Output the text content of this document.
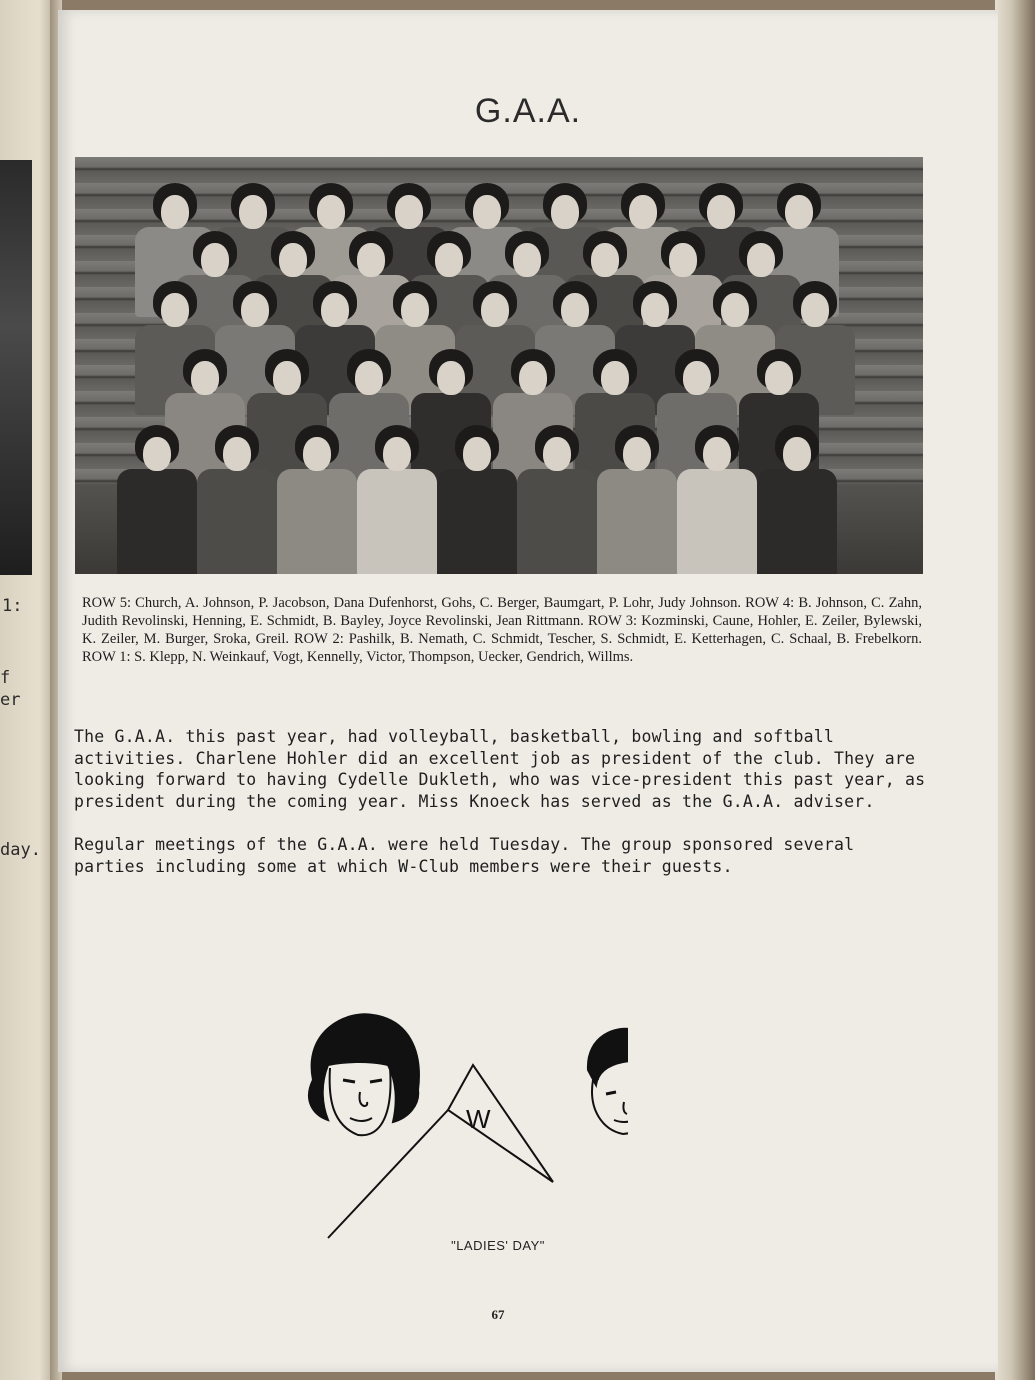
1:
f
er
day.
G.A.A.
ROW 5: Church, A. Johnson, P. Jacobson, Dana Dufenhorst, Gohs, C. Berger, Baumgart, P. Lohr, Judy Johnson. ROW 4: B. Johnson, C. Zahn, Judith Revolinski, Henning, E. Schmidt, B. Bayley, Joyce Revolinski, Jean Rittmann. ROW 3: Kozminski, Caune, Hohler, E. Zeiler, Bylewski, K. Zeiler, M. Burger, Sroka, Greil. ROW 2: Pashilk, B. Nemath, C. Schmidt, Tescher, S. Schmidt, E. Ketterhagen, C. Schaal, B. Frebelkorn. ROW 1: S. Klepp, N. Weinkauf, Vogt, Kennelly, Victor, Thompson, Uecker, Gendrich, Willms.
The G.A.A. this past year, had volleyball, basketball, bowling and softball activities. Charlene Hohler did an excellent job as president of the club. They are looking forward to having Cydelle Dukleth, who was vice-president this past year, as president during the coming year. Miss Knoeck has served as the G.A.A. adviser.
Regular meetings of the G.A.A. were held Tuesday. The group sponsored several parties including some at which W-Club members were their guests.
W
"LADIES' DAY"
67
